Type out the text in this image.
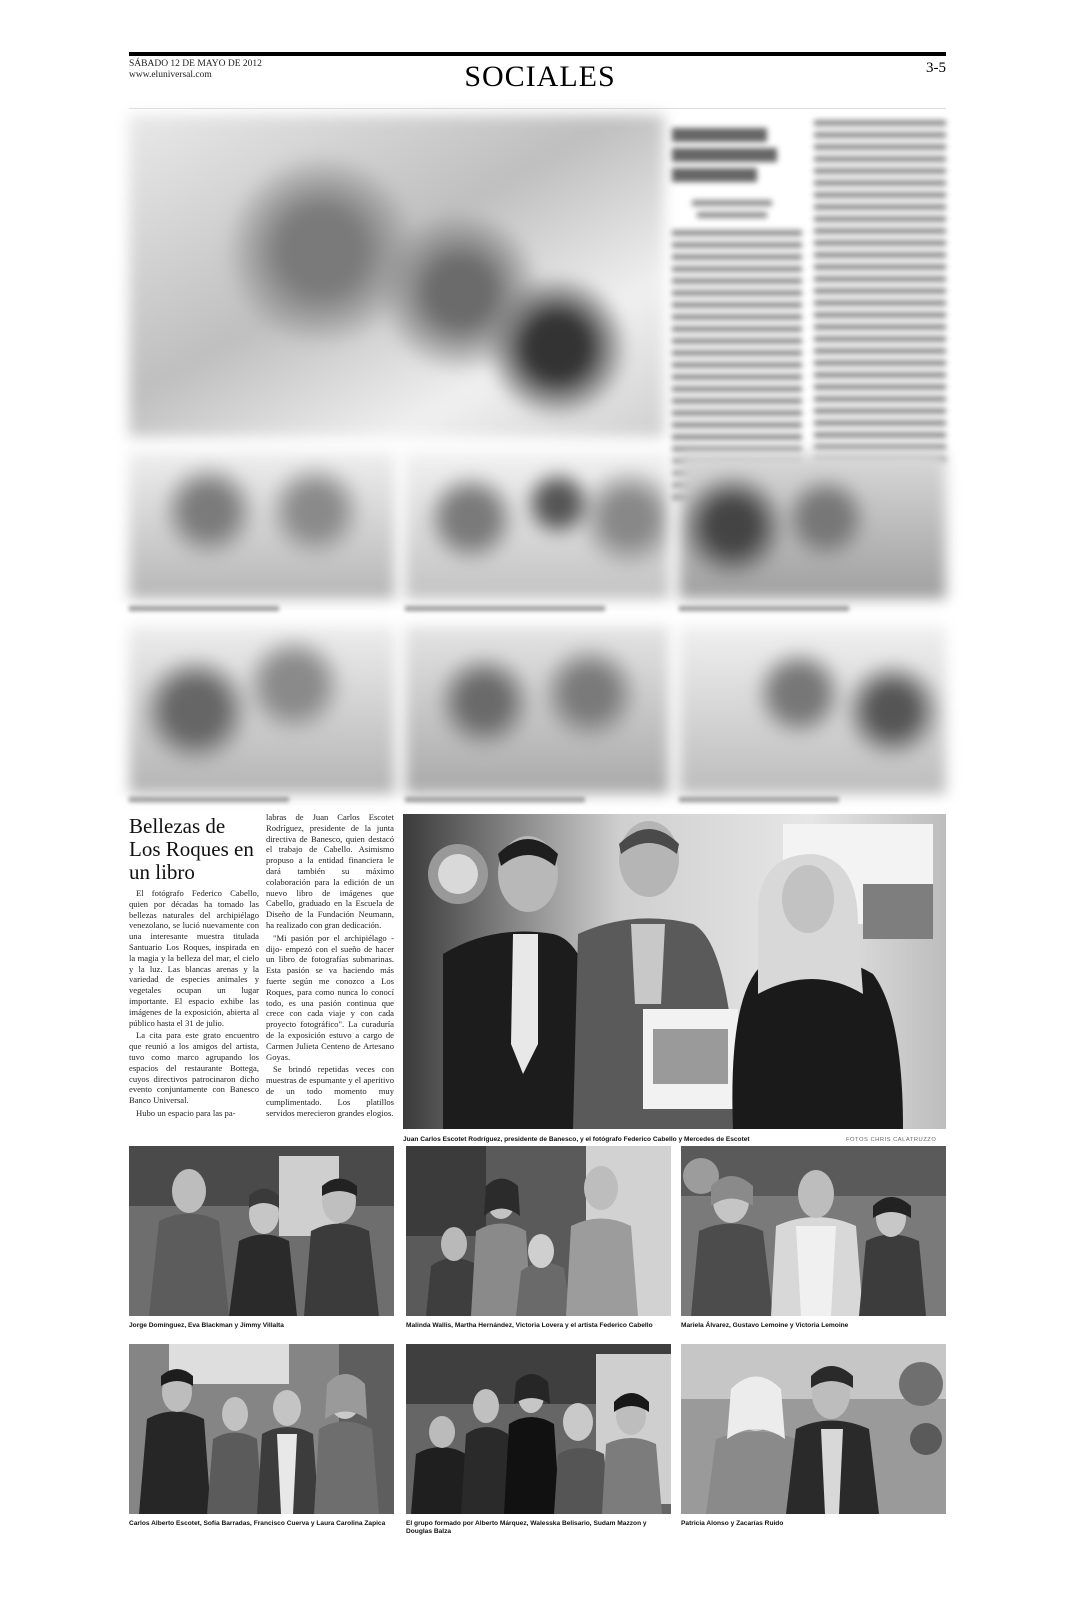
SÁBADO 12 DE MAYO DE 2012
www.eluniversal.com	SOCIALES	3-5
Bellezas de Los Roques en un libro

El fotógrafo Federico Cabello, quien por décadas ha tomado las bellezas naturales del archipiélago venezolano, se lució nuevamente con una interesante muestra titulada Santuario Los Roques, inspirada en la magia y la belleza del mar, el cielo y la luz. Las blancas arenas y la variedad de especies animales y vegetales ocupan un lugar importante. El espacio exhibe las imágenes de la exposición, abierta al público hasta el 31 de julio.

La cita para este grato encuentro que reunió a los amigos del artista, tuvo como marco agrupando los espacios del restaurante Bottega, cuyos directivos patrocinaron dicho evento conjuntamente con Banesco Banco Universal.

Hubo un espacio para las pa-

labras de Juan Carlos Escotet Rodríguez, presidente de la junta directiva de Banesco, quien destacó el trabajo de Cabello. Asimismo propuso a la entidad financiera le dará también su máximo colaboración para la edición de un nuevo libro de imágenes que Cabello, graduado en la Escuela de Diseño de la Fundación Neumann, ha realizado con gran dedicación.

"Mi pasión por el archipiélago -dijo- empezó con el sueño de hacer un libro de fotografías submarinas. Esta pasión se va haciendo más fuerte según me conozco a Los Roques, para como nunca lo conocí todo, es una pasión continua que crece con cada viaje y con cada proyecto fotográfico". La curaduría de la exposición estuvo a cargo de Carmen Julieta Centeno de Artesano Goyas.

Se brindó repetidas veces con muestras de espumante y el aperitivo de un todo momento muy cumplimentado. Los platillos servidos merecieron grandes elogios.

Juan Carlos Escotet Rodríguez, presidente de Banesco, y el fotógrafo Federico Cabello y Mercedes de Escotet	FOTOS CHRIS CALATRUZZO
Jorge Domínguez, Eva Blackman y Jimmy Villalta	Malinda Wallis, Martha Hernández, Victoria Lovera y el artista Federico Cabello	Mariela Álvarez, Gustavo Lemoine y Victoria Lemoine
Carlos Alberto Escotet, Sofía Barradas, Francisco Cuerva y Laura Carolina Zapica	El grupo formado por Alberto Márquez, Walesska Belisario, Sudam Mazzon y Douglas Balza
Patricia Alonso y Zacarías Ruido
